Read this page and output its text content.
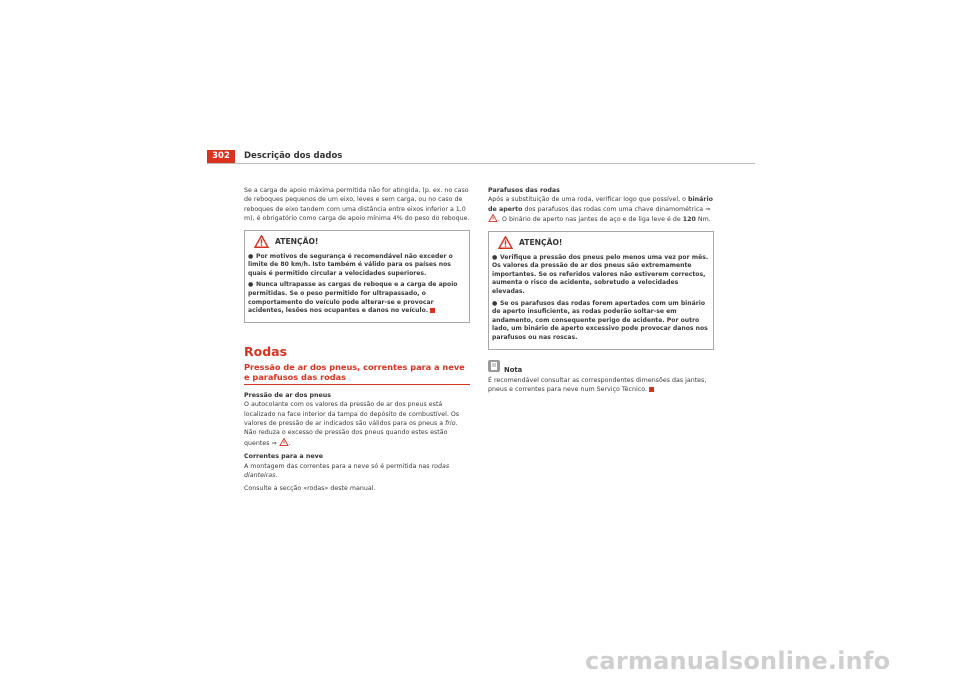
302	Descrição dos dados

Se a carga de apoio máxima permitida não for atingida, (p. ex. no caso de reboques pequenos de um eixo, leves e sem carga, ou no caso de reboques de eixo tandem com uma distância entre eixos inferior a 1,0 m), é obrigatório como carga de apoio mínima 4% do peso do reboque.

ATENÇÃO!
● Por motivos de segurança é recomendável não exceder o limite de 80 km/h. Isto também é válido para os países nos quais é permitido circular a velocidades superiores.
● Nunca ultrapasse as cargas de reboque e a carga de apoio permitidas. Se o peso permitido for ultrapassado, o comportamento do veículo pode alterar-se e provocar acidentes, lesões nos ocupantes e danos no veículo.
Rodas
Pressão de ar dos pneus, correntes para a neve e parafusos das rodas
Pressão de ar dos pneus

O autocolante com os valores da pressão de ar dos pneus está localizado na face interior da tampa do depósito de combustível. Os valores de pressão de ar indicados são válidos para os pneus a frio. Não reduza o excesso de pressão dos pneus quando estes estão quentes ⇒ .

Correntes para a neve

A montagem das correntes para a neve só é permitida nas rodas dianteiras.

Consulte a secção «rodas» deste manual.

Parafusos das rodas

Após a substituição de uma roda, verificar logo que possível, o binário de aperto dos parafusos das rodas com uma chave dinamométrica ⇒ . O binário de aperto nas jantes de aço e de liga leve é de 120 Nm.

ATENÇÃO!
● Verifique a pressão dos pneus pelo menos uma vez por mês. Os valores da pressão de ar dos pneus são extremamente importantes. Se os referidos valores não estiverem correctos, aumenta o risco de acidente, sobretudo a velocidades elevadas.
● Se os parafusos das rodas forem apertados com um binário de aperto insuficiente, as rodas poderão soltar-se em andamento, com consequente perigo de acidente. Por outro lado, um binário de aperto excessivo pode provocar danos nos parafusos ou nas roscas.
Nota

É recomendável consultar as correspondentes dimensões das jantes, pneus e correntes para neve num Serviço Técnico.

carmanualsonline.info
